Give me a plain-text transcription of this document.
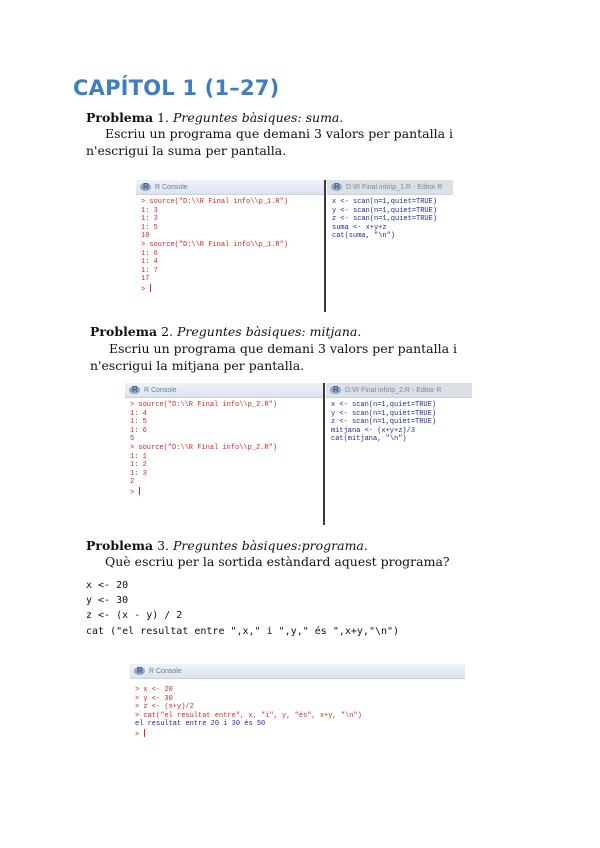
CAPÍTOL 1 (1–27)
Problema 1. Preguntes bàsiques: suma.
Escriu un programa que demani 3 valors per pantalla i n'escrigui la suma per pantalla.
R
R Console
> source("D:\\R Final info\\p_1.R")
1: 3
1: 3
1: 5
10
> source("D:\\R Final info\\p_1.R")
1: 6
1: 4
1: 7
17
>
R
D:\R Final info\p_1.R - Editor R
x <- scan(n=1,quiet=TRUE)
y <- scan(n=1,quiet=TRUE)
z <- scan(n=1,quiet=TRUE)
suma <- x+y+z
cat(suma, "\n")
Problema 2. Preguntes bàsiques: mitjana.
Escriu un programa que demani 3 valors per pantalla i n'escrigui la mitjana per pantalla.
R
R Console
> source("D:\\R Final info\\p_2.R")
1: 4
1: 5
1: 6
5
> source("D:\\R Final info\\p_2.R")
1: 1
1: 2
1: 3
2
>
R
D:\R Final info\p_2.R - Editor R
x <- scan(n=1,quiet=TRUE)
y <- scan(n=1,quiet=TRUE)
z <- scan(n=1,quiet=TRUE)
mitjana <- (x+y+z)/3
cat(mitjana, "\n")
Problema 3. Preguntes bàsiques:programa.
Què escriu per la sortida estàndard aquest programa?
x <- 20
y <- 30
z <- (x - y) / 2
cat ("el resultat entre ",x," i ",y," és ",x+y,"\n")
R
R Console
> x <- 20
> y <- 30
> z <- (x+y)/2
> cat("el resultat entre", x, "i", y, "és", x+y, "\n")
el resultat entre 20 i 30 és 50
>
